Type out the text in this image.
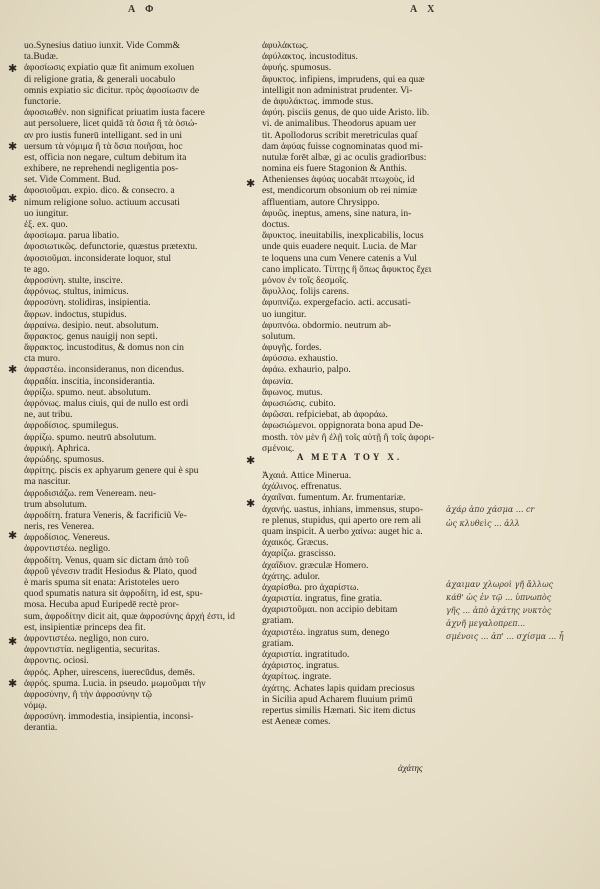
A Φ	A X
uo.Synesius datiuo iunxit. Vide Comm&
ta.Budæ.
ἀφοσίωσις expiatio quæ fit animum exoluen
di religione gratia, & generali uocabulo
omnis expiatio sic dicitur. πρὸς ἀφοσίωσιν de
functorie.
ἀφοσιωθέν. non significat priuatim iusta facere
aut persoluere, licet quidā τὰ ὅσια ἢ τὰ ὁσιώ-
αν pro iustis funerū intelligant. sed in uni
uersum τὰ νόμιμα ἢ τὰ ὅσια ποιῆσαι, hoc
est, officia non negare, cultum debitum ita
exhibere, ne reprehendi negligentia pos-
set. Vide Comment. Bud.
ἀφοσιοῦμαι. expio. dico. & consecro. a
nimum religione soluo. actiuum accusati
uo iungitur.
ἐξ. ex. quo.
ἀφοσίωμα. parua libatio.
ἀφοσιωτικῶς. defunctorie, quæstus prætextu.
ἀφοσιοῦμαι. inconsiderate loquor, stul
te ago.
ἀφροσύνη. stulte, insciтe.
ἀφρόνως. stultus, inimicus.
ἀφροσύνη. stolidiras, insipientia.
ἄφρων. indoctus, stupidus.
ἀφραίνω. desipio. neut. absolutum.
ἄφρακτος. genus nauigij non septi.
ἄφρακτος. incustoditus, & domus non cin
cta muro.
ἀφραστέω. inconsideranus, non dicendus.
ἀφραδία. inscitia, inconsiderantia.
ἀφρίζω. spumo. neut. absolutum.
ἀφρόνως. malus ciuis, qui de nullo est ordi
ne, aut tribu.
ἀφροδίσιος. spumilegus.
ἀφρίζω. spumo. neutrū absolutum.
ἀφρική. Aphrica.
ἀφρώδης. spumosus.
ἀφρίτης. piscis ex aphyarum genere qui è spu
ma nascitur.
ἀφροδισιάζω. rem Veneream. neu-
trum absolutum.
ἀφροδίτη. fratura Veneris, & facrificiũ Ve-
neris, res Venerea.
ἀφροδίσιος. Venereus.
ἀφροντιστέω. negligo.
ἀφροδίτη. Venus, quam sic dictam ἀπὸ τοῦ
ἀφροῦ γένεσιν tradit Hesiodus & Plato, quod
è maris spuma sit enata: Aristoteles uero
quod spumatis natura sit ἀφροδίτη, id est, spu-
mosa. Hecuba apud Euripedē rectè pror-
sum, ἀφροδίτην dicit ait, quæ ἀφροσύνης ἀρχή ἐστι, id
est, insipientiæ princeps dea fit.
ἀφροντιστέω. negligo, non curo.
ἀφροντιστία. negligentia, securitas.
ἀφροντις. ociosi.
ἀφρός. Apher, uirescens, iuerecūdus, demēs.
ἀφρός. spuma. Lucia. in pseudo. μωμοῦμαι τὴν
ἀφροσύνην, ἢ τὴν ἀφροσύνην τῷ
νόμῳ.
ἀφροσύνη. immodestia, insipientia, inconsi-
derantia.
ἀφυλάκτως.
ἀφύλακτος. incustoditus.
ἀφυής. spumosus.
ἄφυκτος. infipiens, imprudens, qui ea quæ
intelligit non administrat prudenter. Vi-
de ἀφυλάκτως. immode stus.
ἀφύη. pisciis genus, de quo uide Aristo. lib.
vi. de animalibus. Theodorus apuam uer
tit. Apollodorus scribit meretriculas quaſ
dam ἀφύας fuisse cognominatas quod mi-
nutulæ forēt albæ, gi ac oculis gradiorībus:
nomina eis fuere Stagonion & Anthis.
Athenienses ἀφύας uocabāt πτωχοὺς, id
est, mendicorum obsonium ob rei nimiæ
affluentiam, autore Chrysippo.
ἀφυῶς. ineptus, amens, sine natura, in-
doctus.
ἄφυκτος. ineuitabilis, inexplicabilis, locus
unde quis euadere nequit. Lucia. de Mar
te loquens una cum Venere catenis a Vul
cano implicato. Τίπτῃς ἢ ὅπως ἄφυκτος ἔχει
μόνον ἐν τοῖς δεσμοῖς.
ἄφυλλος. folijs carens.
ἀφυπνίζω. expergefacio. acti. accusati-
uo iungitur.
ἀφυπνόω. obdormio. neutrum ab-
solutum.
ἀφυγῆς. fordes.
ἀφύσσω. exhaustio.
ἀφάω. exhaurio, palpo.
ἀφωνία.
ἄφωνος. mutus.
ἀφωσιώσις. cubito.
ἀφῶσαι. refpiciebat, ab ἀφοράω.
ἀφωσιώμενοι. oppignorata bona apud De-
mosth. τὸν μὲν ἢ ἐλῇ τοῖς αὐτῇ ἢ τοῖς ἀφορι-
σμένοις.
A META TOY X.
Ἀχαιά. Attice Minerua.
ἀχάλινος. effrenatus.
ἀχαιῖναι. fumentum. Ar. frumentariæ.
ἀχανής. uastus, inhians, immensus, stupo-
re plenus, stupidus, qui aperto ore rem ali
quam inspicit. A uerbo χαίνω: auget hic a.
ἀχαικός. Græcus.
ἀχαρίζω. grascisso.
ἀχαΐδιον. græculæ Homero.
ἀχάτης. adulor.
ἀχαρίσθω. pro ἀχαρίστω.
ἀχαριστία. ingratus, fine gratia.
ἀχαριστοῦμαι. non accipio debitam
gratiam.
ἀχαριστέω. ingratus sum, denego
gratiam.
ἀχαριστία. ingratitudo.
ἀχάριστος. ingratus.
ἀχαρίτως. ingrate.
ἀχάτης. Achates lapis quidam preciosus
in Sicilia apud Acharem fluuium primū
repertus similis Hæmati. Sic item dictus
est Aeneæ comes.
ἀχάτης
ἀχάρ ἀπο χάσμα ... cr
ὡς κλυθεὶς ... ἀλλ
ἀχαιμαν χλωροὶ γῆ ἄλλως
κάθ' ὡς ἐν τῷ ... ὑπνωπὸς
γῆς ... ἀπὸ ἀχάτης νυκτὸς
ἀχνῆ μεγαλοπρεπ...
σμένοις ... ἀπ' ... σχίσμα ... ἦ
✱
✱
✱
✱
✱
✱
✱
✱
✱
✱
